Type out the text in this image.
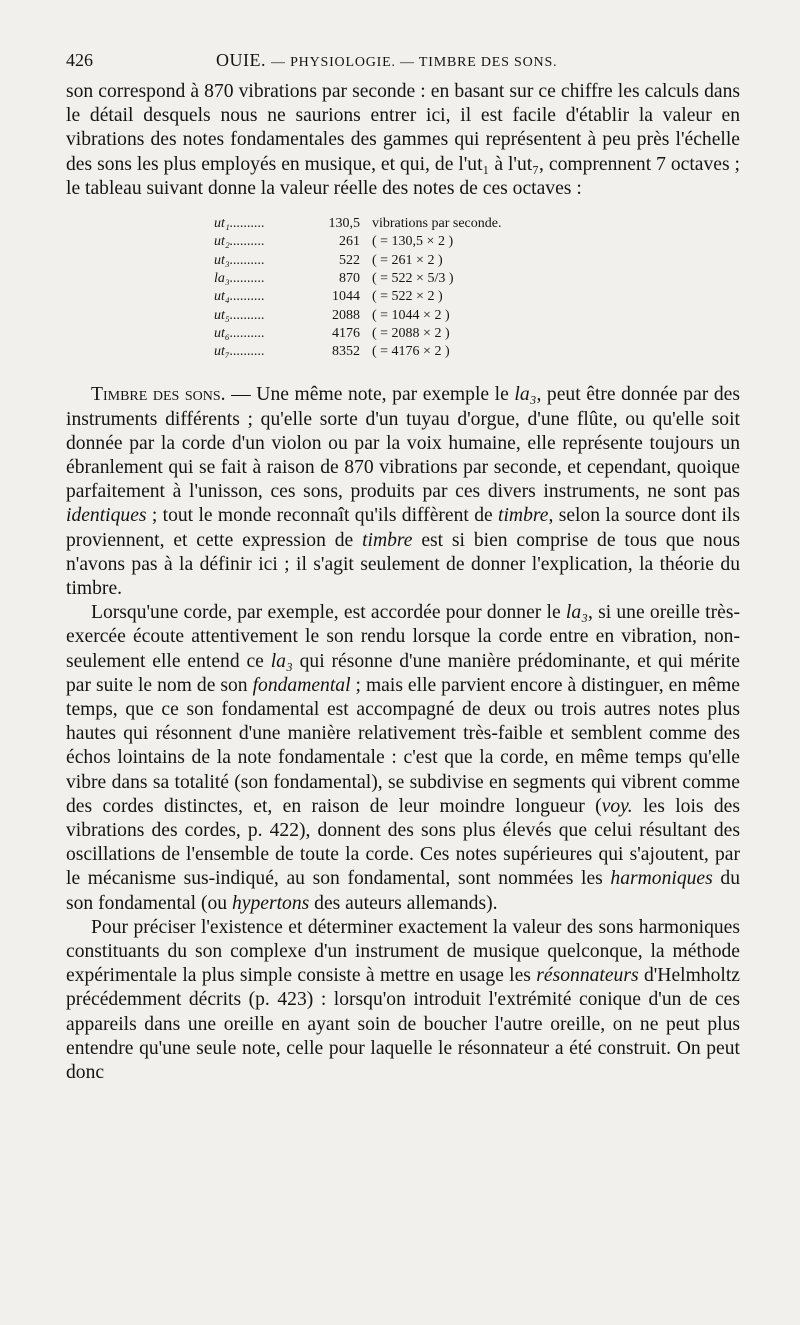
426	OUIE. — PHYSIOLOGIE. — TIMBRE DES SONS.

son correspond à 870 vibrations par seconde : en basant sur ce chiffre les calculs dans le détail desquels nous ne saurions entrer ici, il est facile d'établir la valeur en vibrations des notes fondamentales des gammes qui représentent à peu près l'échelle des sons les plus employés en musique, et qui, de l'ut₁ à l'ut₇, comprennent 7 octaves ; le tableau suivant donne la valeur réelle des notes de ces octaves :

ut₁..........	130,5 vibrations par seconde.
ut₂..........	261 ( = 130,5 × 2 )
ut₃..........	522 ( = 261 × 2 )
la₃..........	870 ( = 522 × 5/3 )
ut₄..........	1044 ( = 522 × 2 )
ut₅..........	2088 ( = 1044 × 2 )
ut₆..........	4176 ( = 2088 × 2 )
ut₇..........	8352 ( = 4176 × 2 )

Timbre des sons. — Une même note, par exemple le la₃, peut être donnée par des instruments différents ; qu'elle sorte d'un tuyau d'orgue, d'une flûte, ou qu'elle soit donnée par la corde d'un violon ou par la voix humaine, elle représente toujours un ébranlement qui se fait à raison de 870 vibrations par seconde, et cependant, quoique parfaitement à l'unisson, ces sons, produits par ces divers instruments, ne sont pas identiques ; tout le monde reconnaît qu'ils diffèrent de timbre, selon la source dont ils proviennent, et cette expression de timbre est si bien comprise de tous que nous n'avons pas à la définir ici ; il s'agit seulement de donner l'explication, la théorie du timbre.

Lorsqu'une corde, par exemple, est accordée pour donner le la₃, si une oreille très-exercée écoute attentivement le son rendu lorsque la corde entre en vibration, non-seulement elle entend ce la₃ qui résonne d'une manière prédominante, et qui mérite par suite le nom de son fondamental ; mais elle parvient encore à distinguer, en même temps, que ce son fondamental est accompagné de deux ou trois autres notes plus hautes qui résonnent d'une manière relativement très-faible et semblent comme des échos lointains de la note fondamentale : c'est que la corde, en même temps qu'elle vibre dans sa totalité (son fondamental), se subdivise en segments qui vibrent comme des cordes distinctes, et, en raison de leur moindre longueur (voy. les lois des vibrations des cordes, p. 422), donnent des sons plus élevés que celui résultant des oscillations de l'ensemble de toute la corde. Ces notes supérieures qui s'ajoutent, par le mécanisme sus-indiqué, au son fondamental, sont nommées les harmoniques du son fondamental (ou hypertons des auteurs allemands).

Pour préciser l'existence et déterminer exactement la valeur des sons harmoniques constituants du son complexe d'un instrument de musique quelconque, la méthode expérimentale la plus simple consiste à mettre en usage les résonnateurs d'Helmholtz précédemment décrits (p. 423) : lorsqu'on introduit l'extrémité conique d'un de ces appareils dans une oreille en ayant soin de boucher l'autre oreille, on ne peut plus entendre qu'une seule note, celle pour laquelle le résonnateur a été construit. On peut donc
